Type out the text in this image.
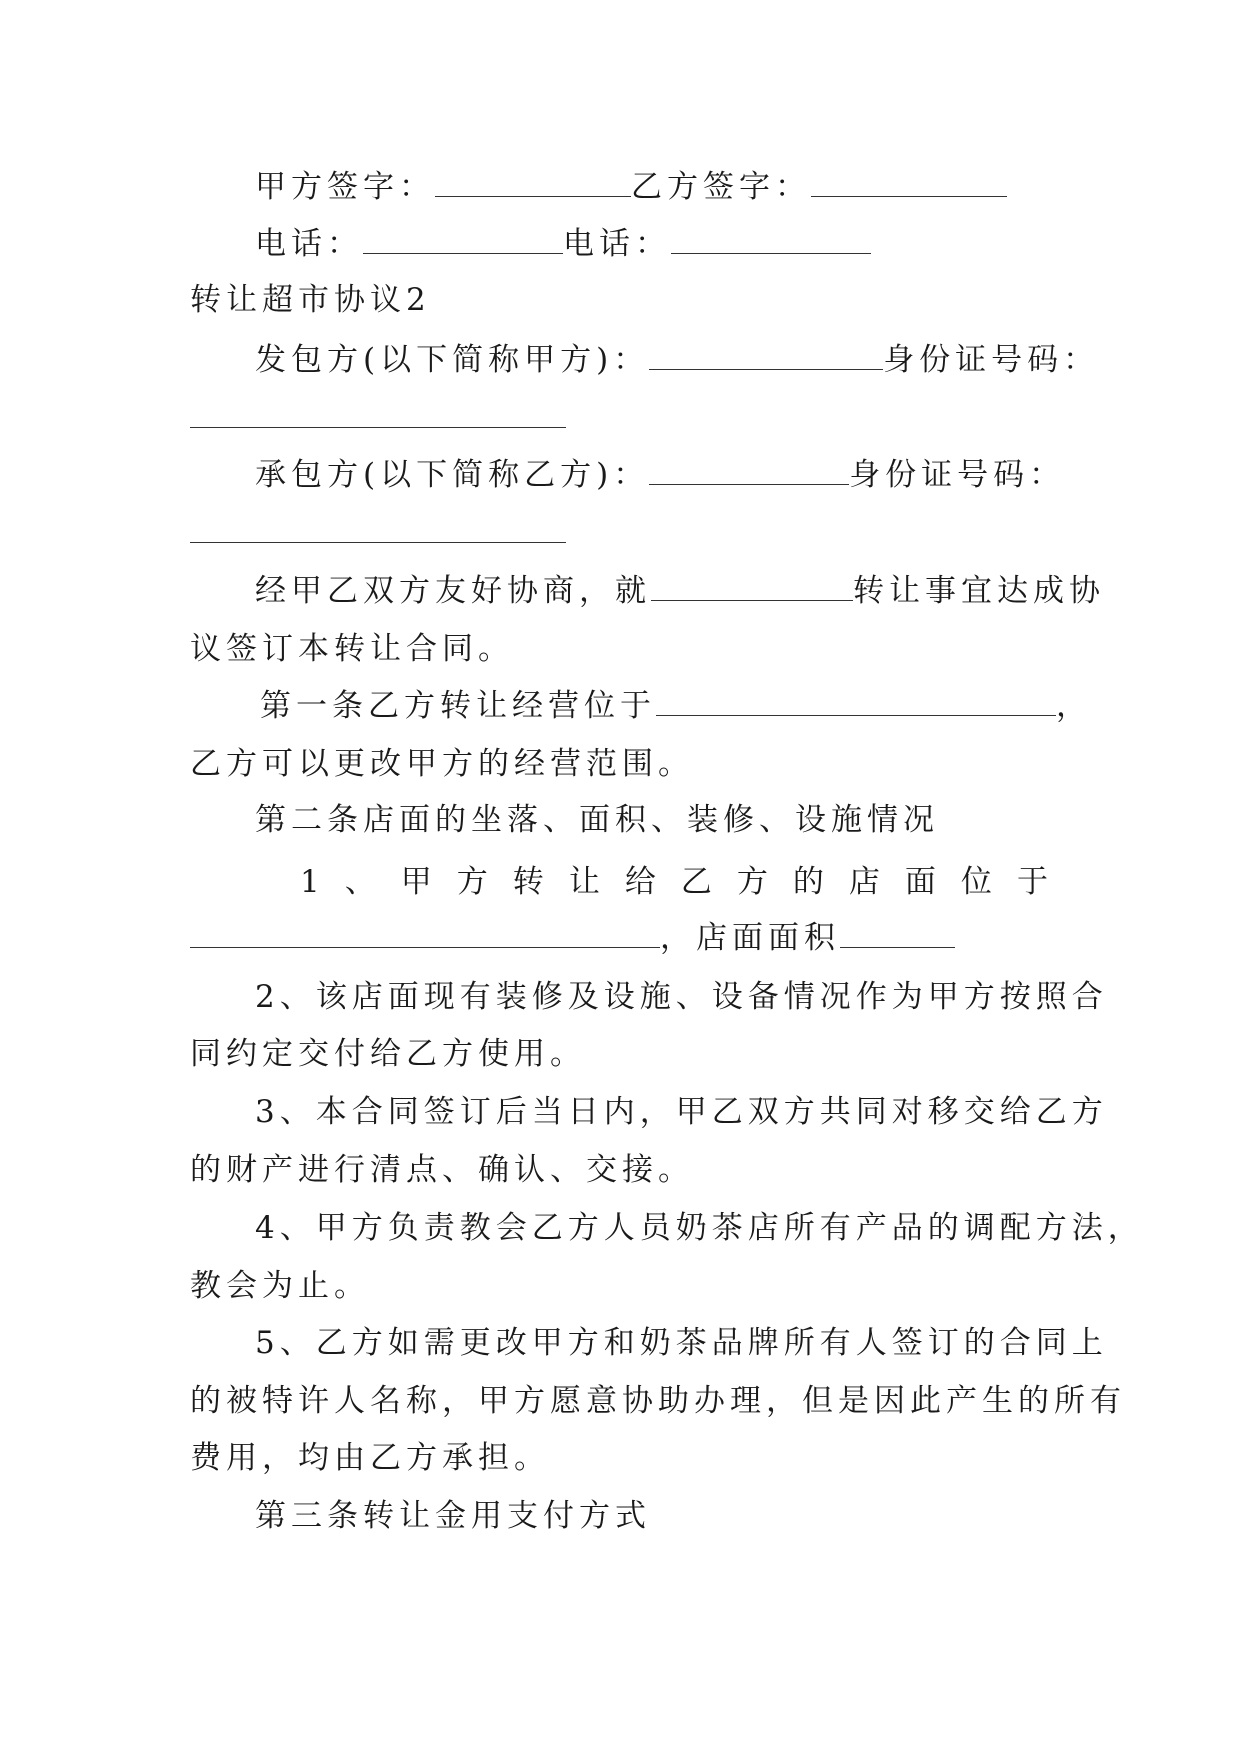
甲方签字：	乙方签字：
电话：	电话：
转让超市协议2
发包方(以下简称甲方)：	身份证号码：
承包方(以下简称乙方)：	身份证号码：
经甲乙双方友好协商，就	转让事宜达成协
议签订本转让合同。
第一条乙方转让经营位于	，
乙方可以更改甲方的经营范围。
第二条店面的坐落、面积、装修、设施情况
1 、 甲 方 转 让 给 乙 方 的 店 面 位 于
，店面面积
2、该店面现有装修及设施、设备情况作为甲方按照合
同约定交付给乙方使用。
3、本合同签订后当日内，甲乙双方共同对移交给乙方
的财产进行清点、确认、交接。
4、甲方负责教会乙方人员奶茶店所有产品的调配方法，
教会为止。
5、乙方如需更改甲方和奶茶品牌所有人签订的合同上
的被特许人名称，甲方愿意协助办理，但是因此产生的所有
费用，均由乙方承担。
第三条转让金用支付方式
